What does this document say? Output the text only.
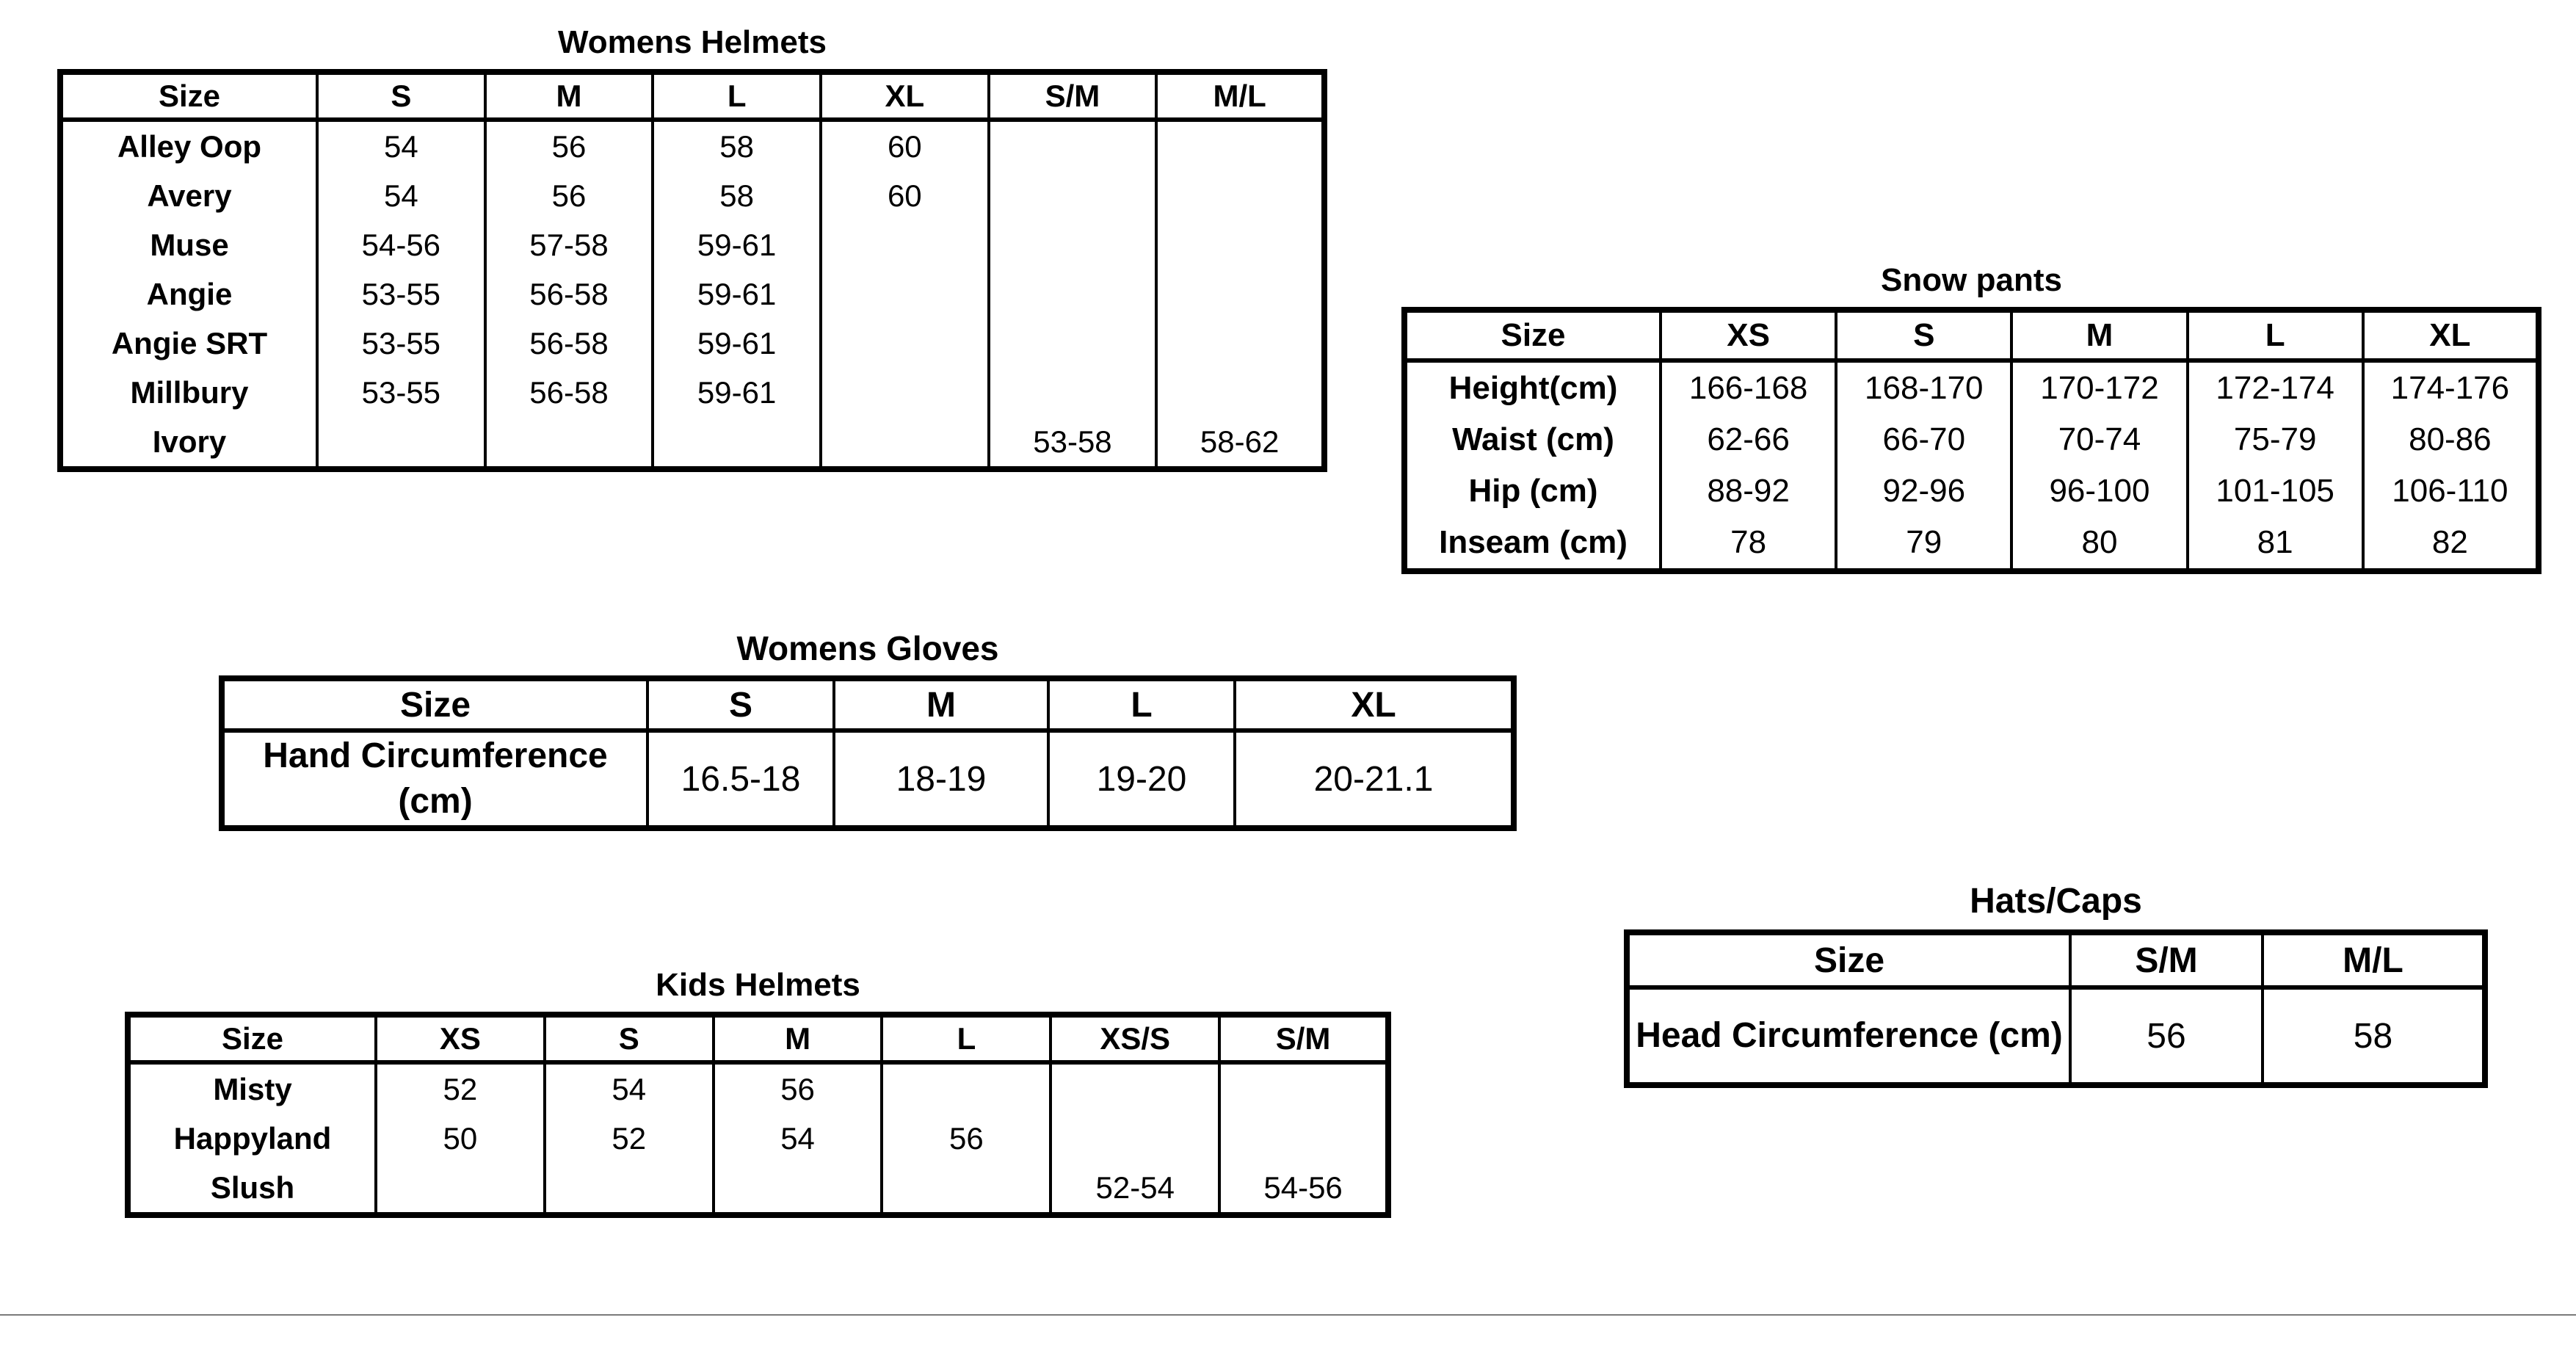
Womens Helmets
Size	S	M	L	XL	S/M	M/L
Alley Oop	54	56	58	60		
Avery	54	56	58	60		
Muse	54-56	57-58	59-61			
Angie	53-55	56-58	59-61			
Angie SRT	53-55	56-58	59-61			
Millbury	53-55	56-58	59-61			
Ivory					53-58	58-62
Snow pants
Size	XS	S	M	L	XL
Height(cm)	166-168	168-170	170-172	172-174	174-176
Waist (cm)	62-66	66-70	70-74	75-79	80-86
Hip (cm)	88-92	92-96	96-100	101-105	106-110
Inseam (cm)	78	79	80	81	82
Womens Gloves
Size	S	M	L	XL
Hand Circumference (cm)	16.5-18	18-19	19-20	20-21.1
Kids Helmets
Size	XS	S	M	L	XS/S	S/M
Misty	52	54	56			
Happyland	50	52	54	56		
Slush					52-54	54-56
Hats/Caps
Size	S/M	M/L
Head Circumference (cm)	56	58
